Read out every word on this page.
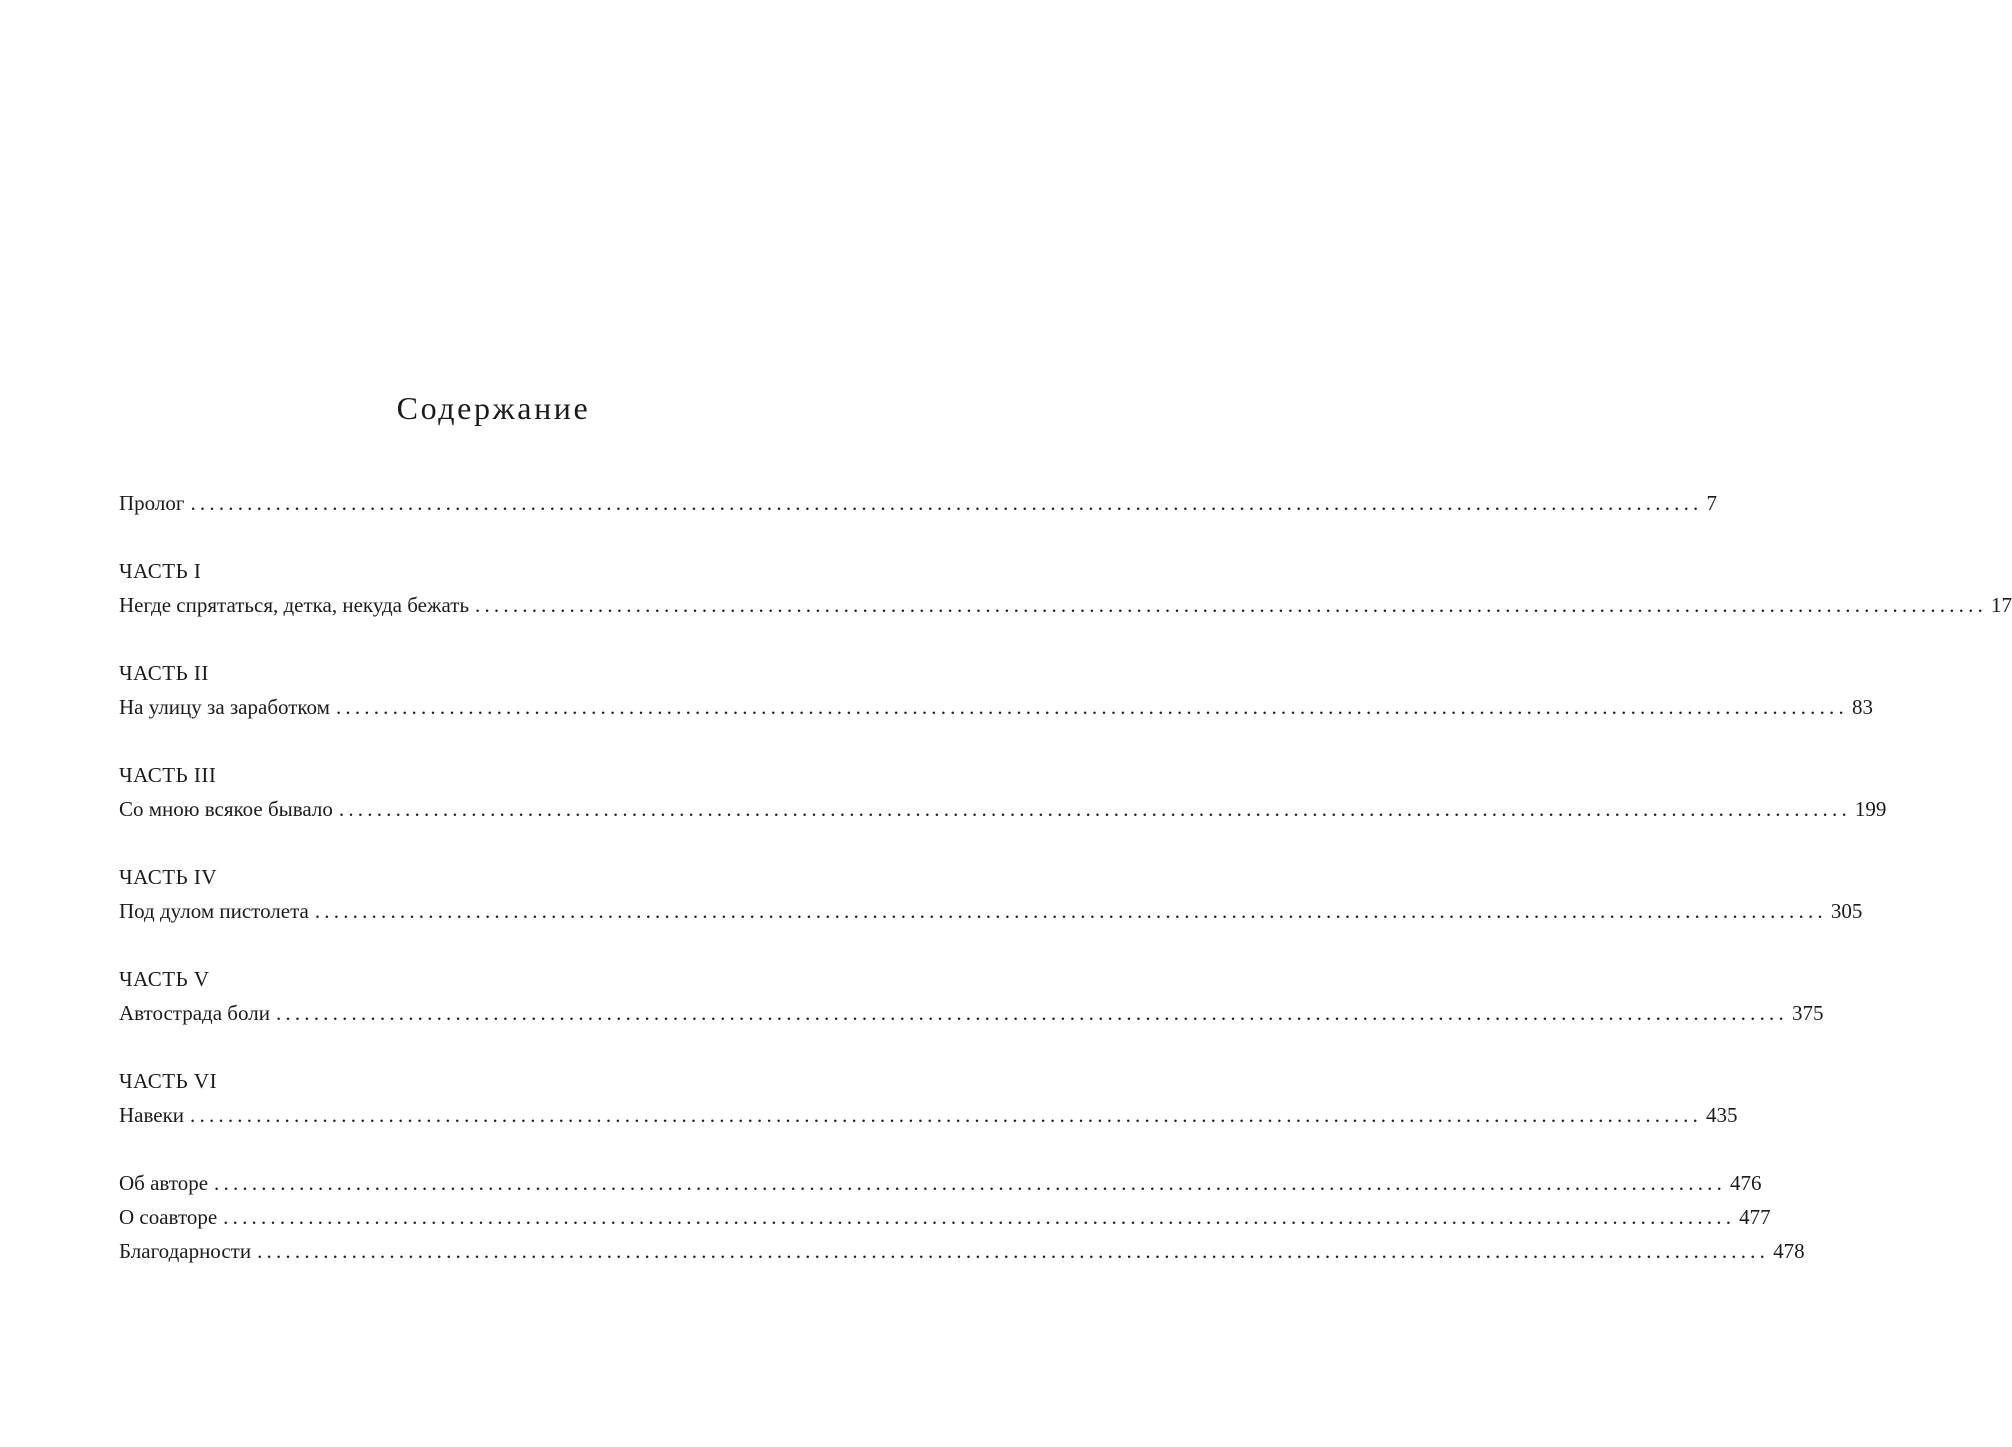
Содержание
Пролог ................................................................................................................................................................ 7
ЧАСТЬ I
Негде спрятаться, детка, некуда бежать ................................................................................................................................................................ 17
ЧАСТЬ II
На улицу за заработком ................................................................................................................................................................ 83
ЧАСТЬ III
Со мною всякое бывало ................................................................................................................................................................ 199
ЧАСТЬ IV
Под дулом пистолета ................................................................................................................................................................ 305
ЧАСТЬ V
Автострада боли ................................................................................................................................................................ 375
ЧАСТЬ VI
Навеки ................................................................................................................................................................ 435
Об авторе ................................................................................................................................................................ 476
О соавторе ................................................................................................................................................................ 477
Благодарности ................................................................................................................................................................ 478
